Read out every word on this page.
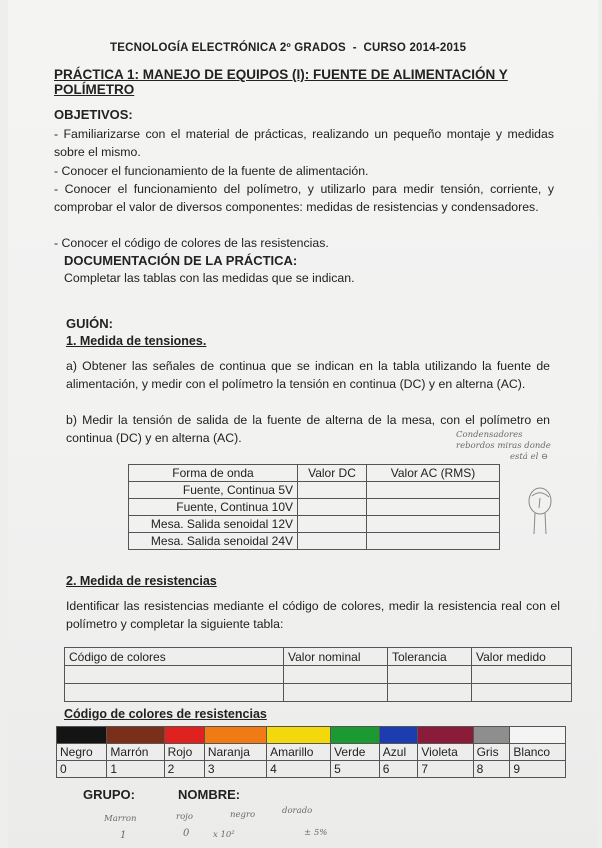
TECNOLOGÍA ELECTRÓNICA 2º GRADOS  -  CURSO 2014-2015
PRÁCTICA 1: MANEJO DE EQUIPOS (I): FUENTE DE ALIMENTACIÓN Y POLÍMETRO
OBJETIVOS:
- Familiarizarse con el material de prácticas, realizando un pequeño montaje y medidas sobre el mismo.
- Conocer el funcionamiento de la fuente de alimentación.
- Conocer el funcionamiento del polímetro, y utilizarlo para medir tensión, corriente, y comprobar el valor de diversos componentes: medidas de resistencias y condensadores.
- Conocer el código de colores de las resistencias.
DOCUMENTACIÓN DE LA PRÁCTICA:
Completar las tablas con las medidas que se indican.
GUIÓN:
1. Medida de tensiones.
a) Obtener las señales de continua que se indican en la tabla utilizando la fuente de alimentación, y medir con el polímetro la tensión en continua (DC) y en alterna (AC).
b) Medir la tensión de salida de la fuente de alterna de la mesa, con el polímetro en continua (DC) y en alterna (AC).	Condensadores
rebordos miras donde
está el ⊖
Forma de onda	Valor DC	Valor AC (RMS)
Fuente, Continua 5V		
Fuente, Continua 10V		
Mesa. Salida senoidal 12V		
Mesa. Salida senoidal 24V		
2. Medida de resistencias
Identificar las resistencias mediante el código de colores, medir la resistencia real con el polímetro y completar la siguiente tabla:
Código de colores	Valor nominal	Tolerancia	Valor medido

Código de colores de resistencias

Negro	Marrón	Rojo	Naranja	Amarillo	Verde	Azul	Violeta	Gris	Blanco
0	1	2	3	4	5	6	7	8	9
GRUPO:	NOMBRE:
Marron	rojo	negro	dorado
1	0	x 10²	± 5%
